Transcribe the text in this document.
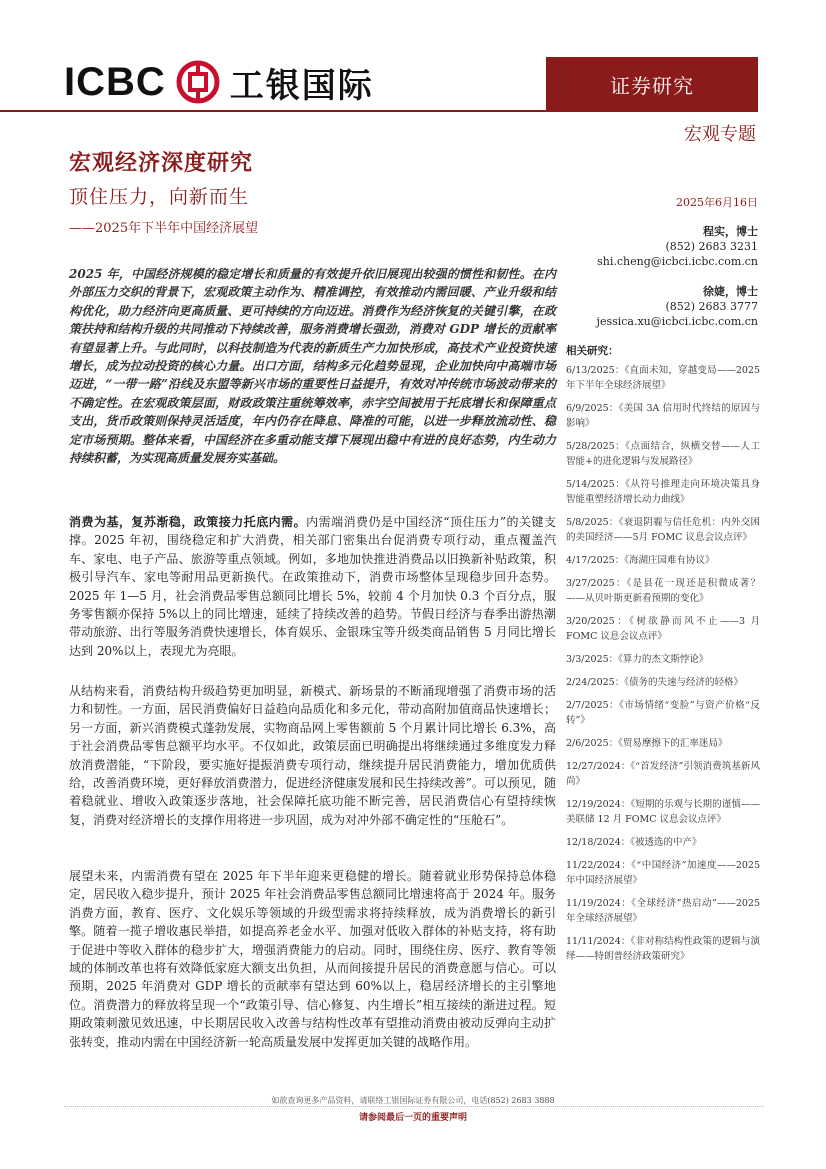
ICBC 工银国际	证券研究
宏观专题
宏观经济深度研究
顶住压力，向新而生
——2025年下半年中国经济展望
2025年6月16日
程实，博士
(852) 2683 3231
shi.cheng@icbci.icbc.com.cn
徐婕，博士
(852) 2683 3777
jessica.xu@icbci.icbc.com.cn
2025 年，中国经济规模的稳定增长和质量的有效提升依旧展现出较强的惯性和韧性。在内外部压力交织的背景下，宏观政策主动作为、精准调控，有效推动内需回暖、产业升级和结构优化，助力经济向更高质量、更可持续的方向迈进。消费作为经济恢复的关键引擎，在政策扶持和结构升级的共同推动下持续改善，服务消费增长强劲，消费对 GDP 增长的贡献率有望显著上升。与此同时，以科技制造为代表的新质生产力加快形成，高技术产业投资快速增长，成为拉动投资的核心力量。出口方面，结构多元化趋势显现，企业加快向中高端市场迈进，“一带一路”沿线及东盟等新兴市场的重要性日益提升，有效对冲传统市场波动带来的不确定性。在宏观政策层面，财政政策注重统筹效率，赤字空间被用于托底增长和保障重点支出，货币政策则保持灵活适度，年内仍存在降息、降准的可能，以进一步释放流动性、稳定市场预期。整体来看，中国经济在多重动能支撑下展现出稳中有进的良好态势，内生动力持续积蓄，为实现高质量发展夯实基础。

消费为基，复苏渐稳，政策接力托底内需。内需端消费仍是中国经济“顶住压力”的关键支撑。2025 年初，围绕稳定和扩大消费，相关部门密集出台促消费专项行动，重点覆盖汽车、家电、电子产品、旅游等重点领域。例如，多地加快推进消费品以旧换新补贴政策，积极引导汽车、家电等耐用品更新换代。在政策推动下，消费市场整体呈现稳步回升态势。2025 年 1—5 月，社会消费品零售总额同比增长 5%，较前 4 个月加快 0.3 个百分点，服务零售额亦保持 5%以上的同比增速，延续了持续改善的趋势。节假日经济与春季出游热潮带动旅游、出行等服务消费快速增长，体育娱乐、金银珠宝等升级类商品销售 5 月同比增长达到 20%以上，表现尤为亮眼。

从结构来看，消费结构升级趋势更加明显，新模式、新场景的不断涌现增强了消费市场的活力和韧性。一方面，居民消费偏好日益趋向品质化和多元化，带动高附加值商品快速增长；另一方面，新兴消费模式蓬勃发展，实物商品网上零售额前 5 个月累计同比增长 6.3%，高于社会消费品零售总额平均水平。不仅如此，政策层面已明确提出将继续通过多维度发力释放消费潜能，“下阶段，要实施好提振消费专项行动，继续提升居民消费能力，增加优质供给，改善消费环境，更好释放消费潜力，促进经济健康发展和民生持续改善”。可以预见，随着稳就业、增收入政策逐步落地，社会保障托底功能不断完善，居民消费信心有望持续恢复，消费对经济增长的支撑作用将进一步巩固，成为对冲外部不确定性的“压舱石”。

展望未来，内需消费有望在 2025 年下半年迎来更稳健的增长。随着就业形势保持总体稳定，居民收入稳步提升，预计 2025 年社会消费品零售总额同比增速将高于 2024 年。服务消费方面，教育、医疗、文化娱乐等领域的升级型需求将持续释放，成为消费增长的新引擎。随着一揽子增收惠民举措，如提高养老金水平、加强对低收入群体的补贴支持，将有助于促进中等收入群体的稳步扩大，增强消费能力的启动。同时，围绕住房、医疗、教育等领域的体制改革也将有效降低家庭大额支出负担，从而间接提升居民的消费意愿与信心。可以预期，2025 年消费对 GDP 增长的贡献率有望达到 60%以上，稳居经济增长的主引擎地位。消费潜力的释放将呈现一个“政策引导、信心修复、内生增长”相互接续的渐进过程。短期政策刺激见效迅速，中长期居民收入改善与结构性改革有望推动消费由被动反弹向主动扩张转变，推动内需在中国经济新一轮高质量发展中发挥更加关键的战略作用。

相关研究：
6/13/2025：《直面未知，穿越变局——2025年下半年全球经济展望》
6/9/2025：《美国 3A 信用时代终结的原因与影响》
5/28/2025：《点面结合，纵横交替——人工智能+的进化逻辑与发展路径》
5/14/2025：《从符号推理走向环境决策具身智能重塑经济增长动力曲线》
5/8/2025：《衰退阴霾与信任危机：内外交困的美国经济——5月 FOMC 议息会议点评》
4/17/2025：《海湖庄园难有协议》
3/27/2025：《是县花一现还是积微成著？——从贝叶斯更新看预期的变化》
3/20/2025：《树欲静而风不止——3 月 FOMC 议息会议点评》
3/3/2025：《算力的杰文斯悖论》
2/24/2025：《债务的失速与经济的轻格》
2/7/2025：《市场情绪“变脸”与资产价格“反转”》
2/6/2025：《贸易摩擦下的汇率迷局》
12/27/2024：《“首发经济”引领消费筑基新风尚》
12/19/2024：《短期的乐观与长期的谨慎——美联储 12 月 FOMC 议息会议点评》
12/18/2024：《被透选的中产》
11/22/2024：《“中国经济”加速度——2025年中国经济展望》
11/19/2024：《全球经济”热启动”——2025年全球经济展望》
11/11/2024：《非对称结构性政策的逻辑与演绎——特朗普经济政策研究》
如欲查询更多产品资料，请联络工银国际证券有限公司，电话(852) 2683 3888
请参阅最后一页的重要声明
